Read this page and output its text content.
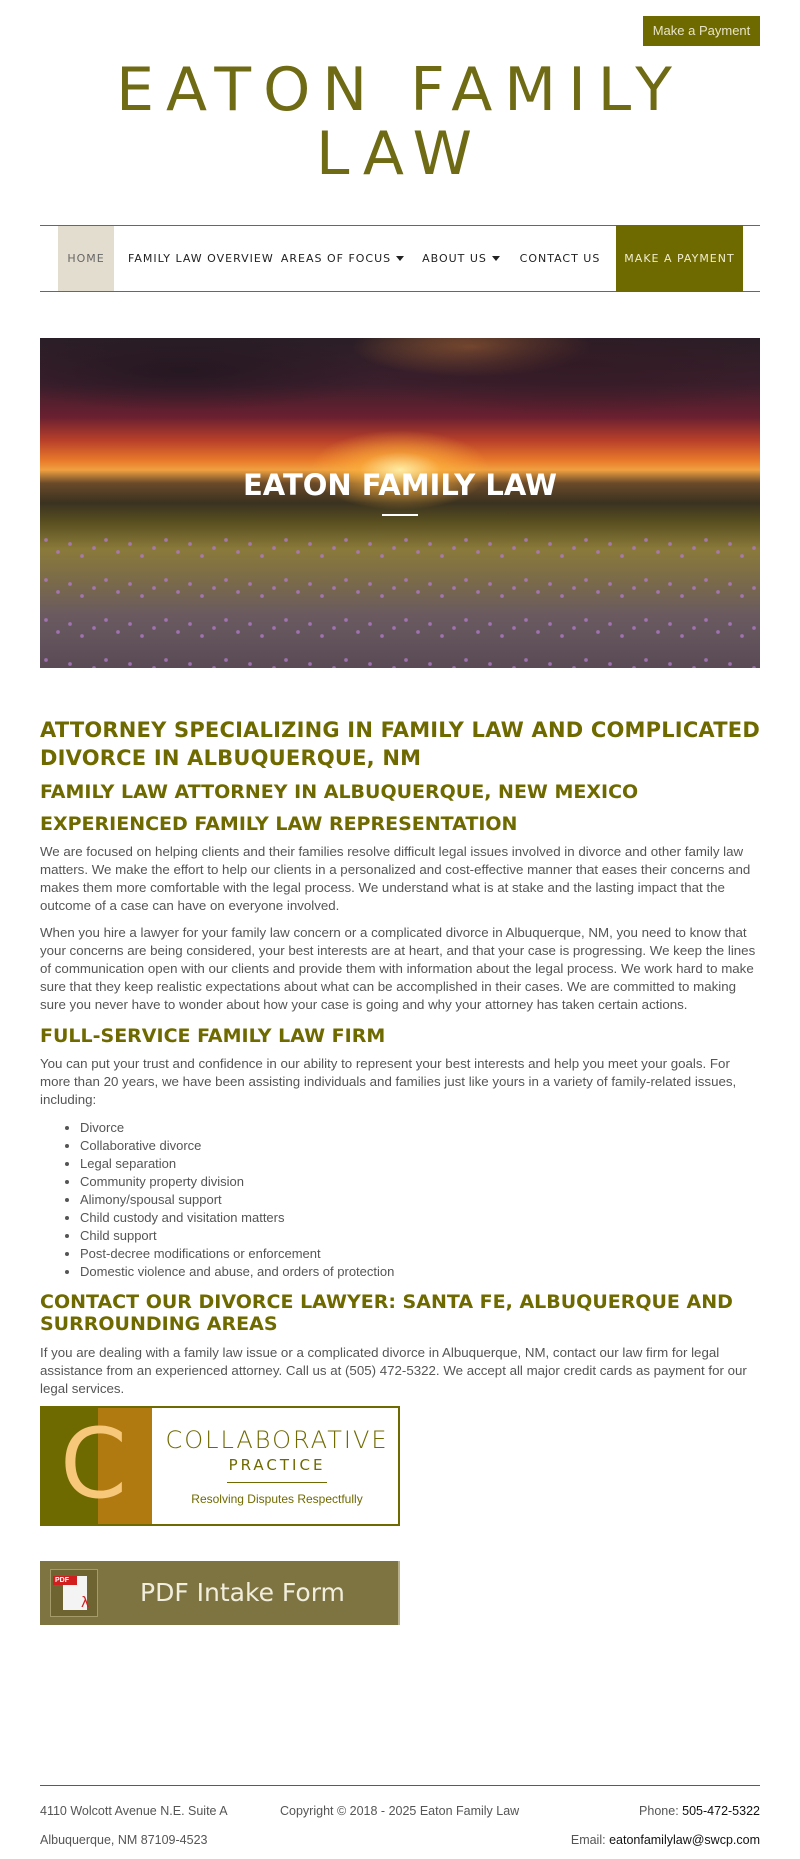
Make a Payment
EATON FAMILY
LAW
HOME	FAMILY LAW OVERVIEW AREAS OF FOCUS	ABOUT US	CONTACT US	MAKE A PAYMENT
EATON FAMILY LAW
ATTORNEY SPECIALIZING IN FAMILY LAW AND COMPLICATED DIVORCE IN ALBUQUERQUE, NM
FAMILY LAW ATTORNEY IN ALBUQUERQUE, NEW MEXICO
EXPERIENCED FAMILY LAW REPRESENTATION

We are focused on helping clients and their families resolve difficult legal issues involved in divorce and other family law matters. We make the effort to help our clients in a personalized and cost-effective manner that eases their concerns and makes them more comfortable with the legal process. We understand what is at stake and the lasting impact that the outcome of a case can have on everyone involved.

When you hire a lawyer for your family law concern or a complicated divorce in Albuquerque, NM, you need to know that your concerns are being considered, your best interests are at heart, and that your case is progressing. We keep the lines of communication open with our clients and provide them with information about the legal process. We work hard to make sure that they keep realistic expectations about what can be accomplished in their cases. We are committed to making sure you never have to wonder about how your case is going and why your attorney has taken certain actions.

FULL-SERVICE FAMILY LAW FIRM

You can put your trust and confidence in our ability to represent your best interests and help you meet your goals. For more than 20 years, we have been assisting individuals and families just like yours in a variety of family-related issues, including:

• Divorce
• Collaborative divorce
• Legal separation
• Community property division
• Alimony/spousal support
• Child custody and visitation matters
• Child support
• Post-decree modifications or enforcement
• Domestic violence and abuse, and orders of protection
CONTACT OUR DIVORCE LAWYER: SANTA FE, ALBUQUERQUE AND SURROUNDING AREAS

If you are dealing with a family law issue or a complicated divorce in Albuquerque, NM, contact our law firm for legal assistance from an experienced attorney. Call us at (505) 472-5322. We accept all major credit cards as payment for our legal services.

C	COLLABORATIVE
PRACTICE
Resolving Disputes Respectfully
λ
PDF	PDF Intake Form
4110 Wolcott Avenue N.E. Suite A
Albuquerque, NM 87109-4523
Copyright © 2018 - 2025 Eaton Family Law	Phone: 505-472-5322
Email: eatonfamilylaw@swcp.com
